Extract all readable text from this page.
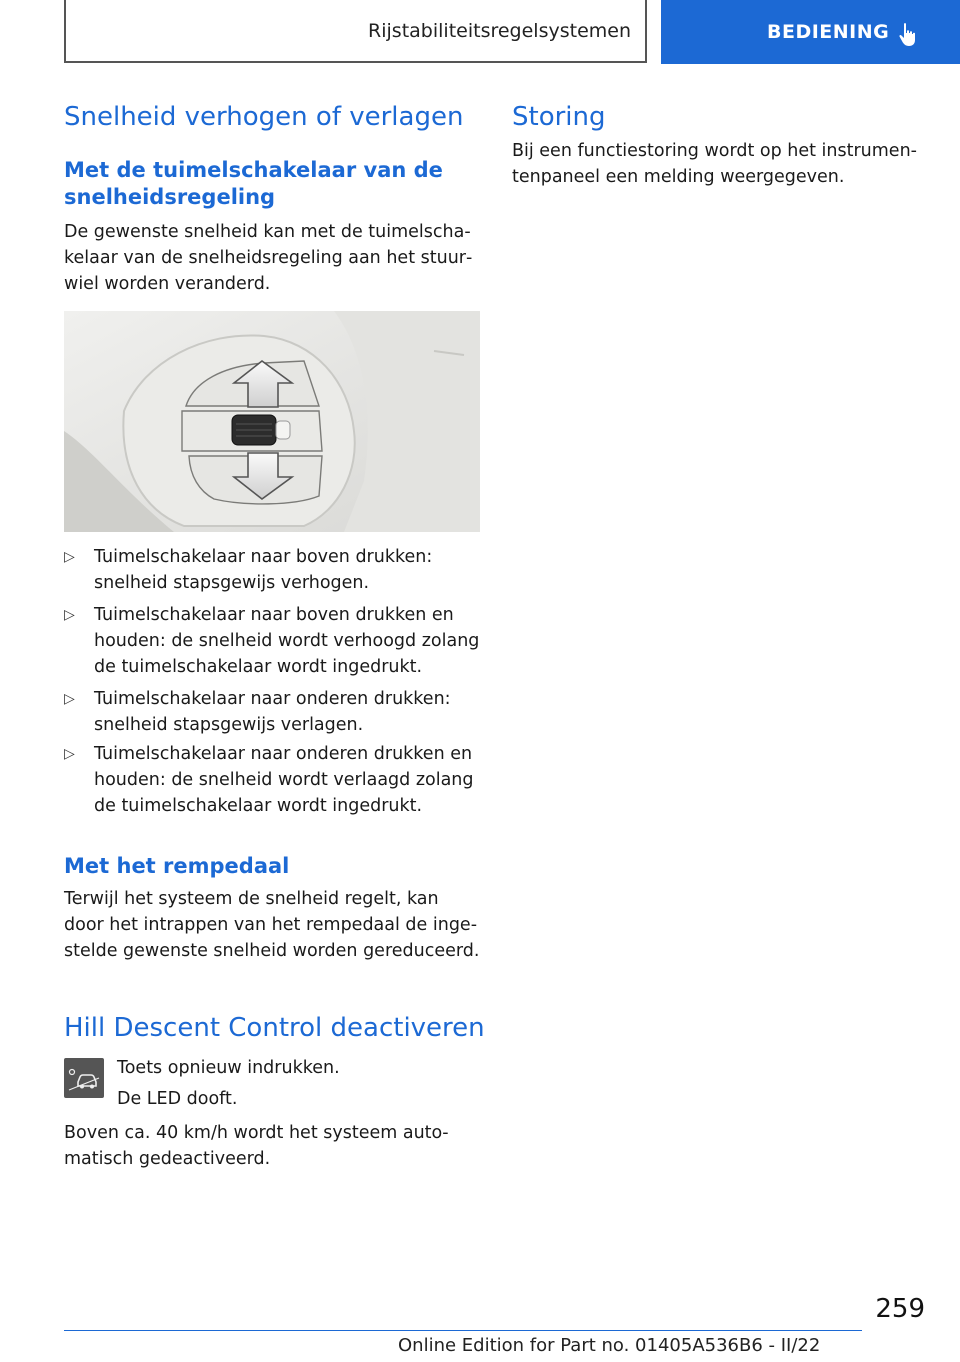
Rijstabiliteitsregelsystemen	BEDIENING
Snelheid verhogen of verlagen
Met de tuimelschakelaar van de snelheidsregeling

De gewenste snelheid kan met de tuimelschakelaar van de snelheidsregeling aan het stuurwiel worden veranderd.

▷ Tuimelschakelaar naar boven drukken: snelheid stapsgewijs verhogen.
▷ Tuimelschakelaar naar boven drukken en houden: de snelheid wordt verhoogd zolang de tuimelschakelaar wordt ingedrukt.
▷ Tuimelschakelaar naar onderen drukken: snelheid stapsgewijs verlagen.
▷ Tuimelschakelaar naar onderen drukken en houden: de snelheid wordt verlaagd zolang de tuimelschakelaar wordt ingedrukt.
Met het rempedaal

Terwijl het systeem de snelheid regelt, kan door het intrappen van het rempedaal de ingestelde gewenste snelheid worden gereduceerd.

Hill Descent Control deactiveren

Toets opnieuw indrukken.

De LED dooft.

Boven ca. 40 km/h wordt het systeem automatisch gedeactiveerd.

Storing

Bij een functiestoring wordt op het instrumentenpaneel een melding weergegeven.

259
Online Edition for Part no. 01405A536B6 - II/22
